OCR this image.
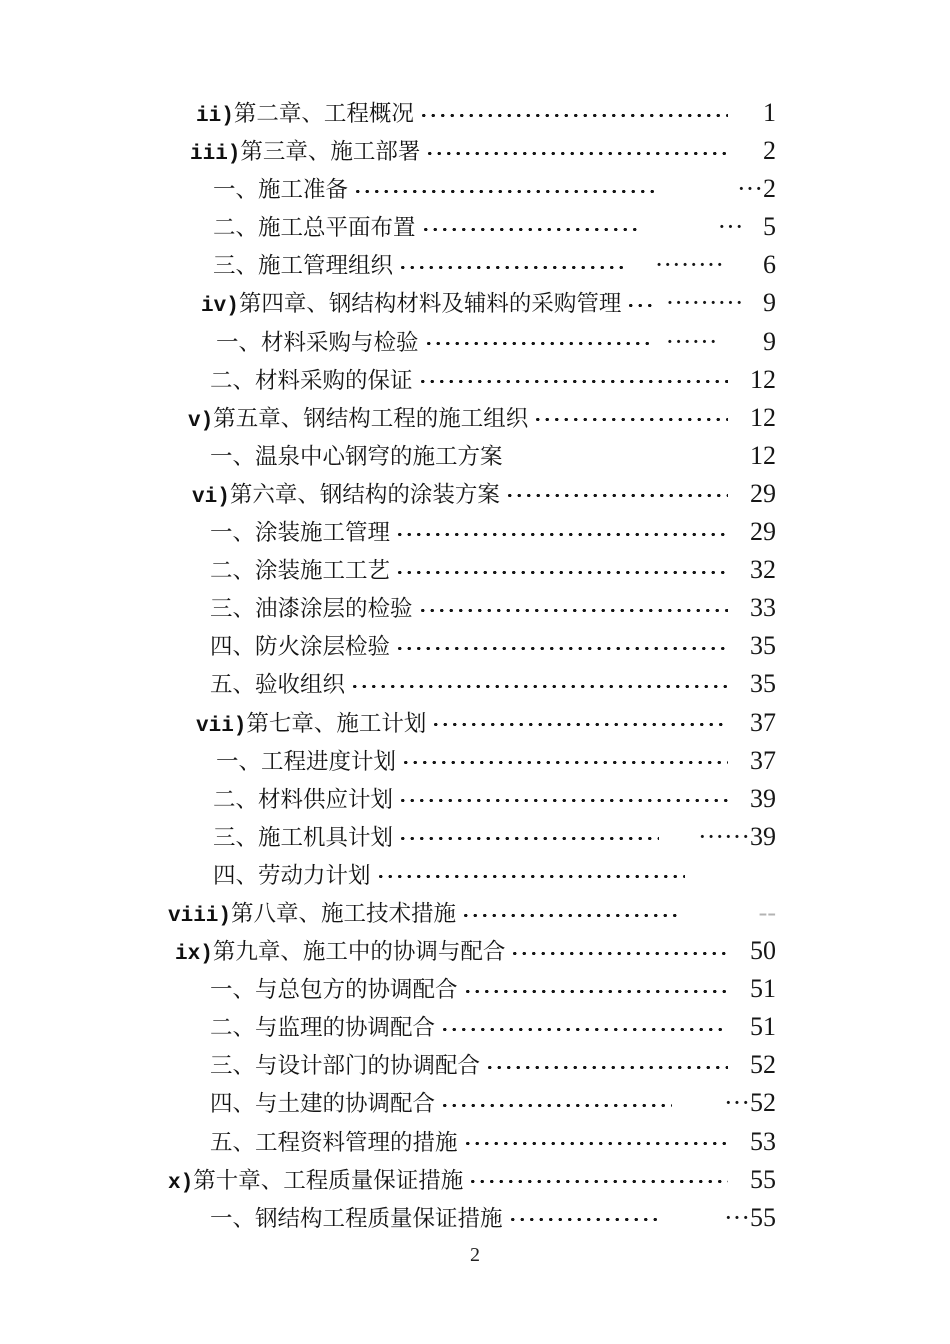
ii) 第二章、工程概况	1
iii) 第三章、施工部署	2
一、施工准备	   ···2
二、施工总平面布置	   ···  5
三、施工管理组织	 ········  6
iv) 第四章、钢结构材料及辅料的采购管理  ·········  9
一、材料采购与检验	 ······   9
二、材料采购的保证	12
v) 第五章、钢结构工程的施工组织	12
一、温泉中心钢穹的施工方案	12
vi) 第六章、钢结构的涂装方案	29
一、涂装施工管理	29
二、涂装施工工艺	32
三、油漆涂层的检验	33
四、防火涂层检验	35
五、验收组织	35
vii) 第七章、施工计划	37
一、工程进度计划	37
二、材料供应计划	39
三、施工机具计划	  ······39
四、劳动力计划

viii) 第八章、施工技术措施	   --
ix) 第九章、施工中的协调与配合	50
一、与总包方的协调配合	51
二、与监理的协调配合	51
三、与设计部门的协调配合	52
四、与土建的协调配合	  ···52
五、工程资料管理的措施	53
x) 第十章、工程质量保证措施	55
一、钢结构工程质量保证措施	   ···55
2
